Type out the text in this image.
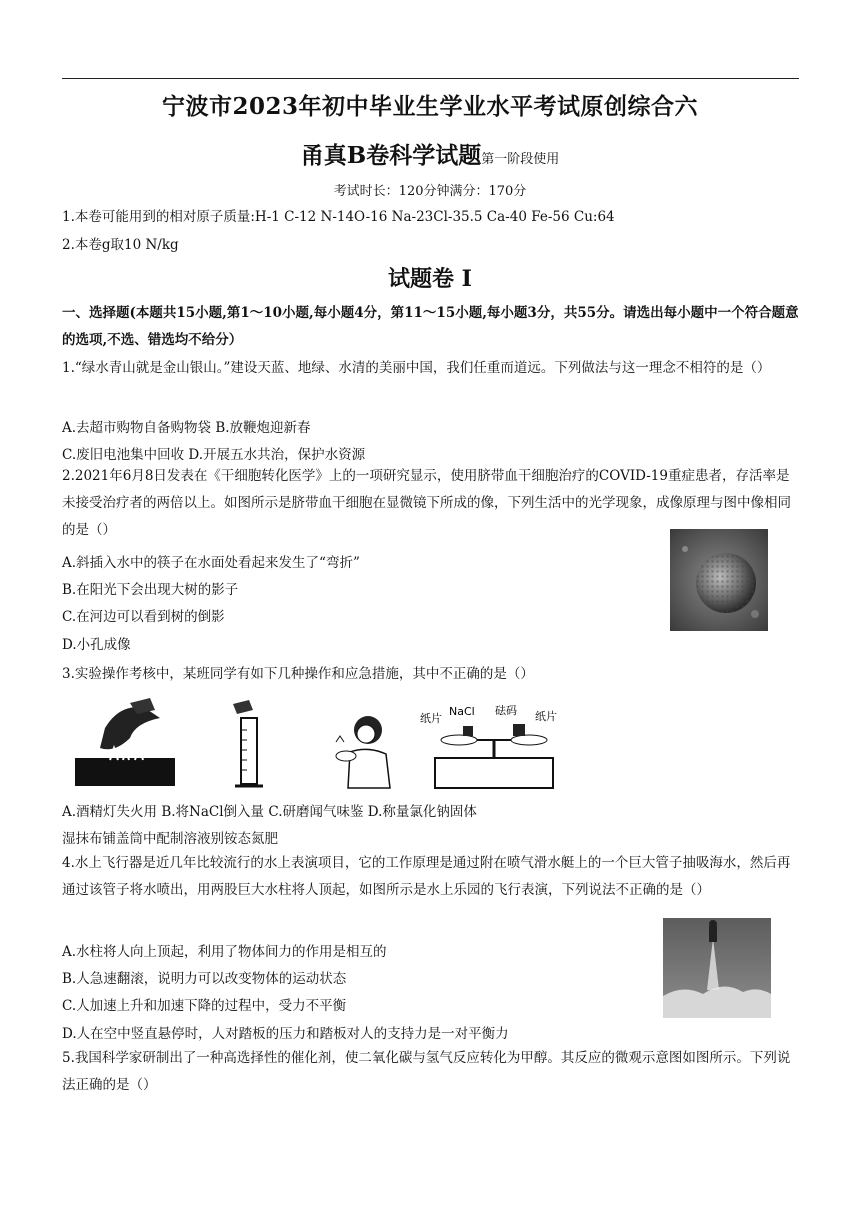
宁波市2023年初中毕业生学业水平考试原创综合六
甬真B卷科学试题第一阶段使用
考试时长：120分钟满分：170分
1.本卷可能用到的相对原子质量:H-1 C-12 N-14O-16 Na-23Cl-35.5 Ca-40 Fe-56 Cu:64
2.本卷g取10 N/kg
试题卷 I
一、选择题(本题共15小题,第1～10小题,每小题4分，第11～15小题,每小题3分，共55分。请选出每小题中一个符合题意的选项,不选、错选均不给分）
1.“绿水青山就是金山银山。”建设天蓝、地绿、水清的美丽中国，我们任重而道远。下列做法与这一理念不相符的是（）
A.去超市购物自备购物袋 B.放鞭炮迎新春
C.废旧电池集中回收 D.开展五水共治，保护水资源
2.2021年6月8日发表在《干细胞转化医学》上的一项研究显示，使用脐带血干细胞治疗的COVID-19重症患者，存活率是未接受治疗者的两倍以上。如图所示是脐带血干细胞在显微镜下所成的像，下列生活中的光学现象，成像原理与图中像相同的是（）
A.斜插入水中的筷子在水面处看起来发生了“弯折”
B.在阳光下会出现大树的影子
C.在河边可以看到树的倒影
D.小孔成像
3.实验操作考核中，某班同学有如下几种操作和应急措施，其中不正确的是（）
纸片
NaCl 砝码 纸片
A.酒精灯失火用 B.将NaCl倒入量 C.研磨闻气味鉴 D.称量氯化钠固体
湿抹布铺盖筒中配制溶液别铵态氮肥
4.水上飞行器是近几年比较流行的水上表演项目，它的工作原理是通过附在喷气滑水艇上的一个巨大管子抽吸海水，然后再通过该管子将水喷出，用两股巨大水柱将人顶起，如图所示是水上乐园的飞行表演，下列说法不正确的是（）
A.水柱将人向上顶起，利用了物体间力的作用是相互的
B.人急速翻滚，说明力可以改变物体的运动状态
C.人加速上升和加速下降的过程中，受力不平衡
D.人在空中竖直悬停时，人对踏板的压力和踏板对人的支持力是一对平衡力
5.我国科学家研制出了一种高选择性的催化剂，使二氧化碳与氢气反应转化为甲醇。其反应的微观示意图如图所示。下列说法正确的是（）
